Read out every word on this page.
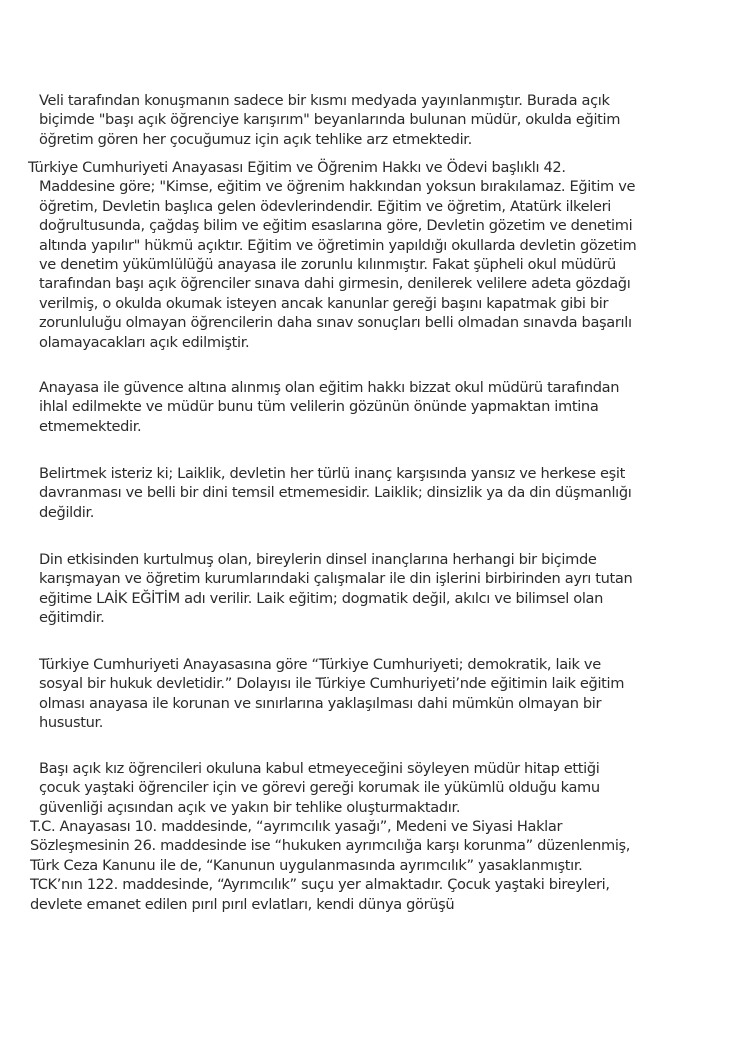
Veli tarafından konuşmanın sadece bir kısmı medyada yayınlanmıştır. Burada açık
biçimde "başı açık öğrenciye karışırım" beyanlarında bulunan müdür, okulda eğitim
öğretim gören her çocuğumuz için açık tehlike arz etmektedir.

Türkiye Cumhuriyeti Anayasası Eğitim ve Öğrenim Hakkı ve Ödevi başlıklı 42.
Maddesine göre; "Kimse, eğitim ve öğrenim hakkından yoksun bırakılamaz. Eğitim ve
öğretim, Devletin başlıca gelen ödevlerindendir. Eğitim ve öğretim, Atatürk ilkeleri
doğrultusunda, çağdaş bilim ve eğitim esaslarına göre, Devletin gözetim ve denetimi
altında yapılır" hükmü açıktır. Eğitim ve öğretimin yapıldığı okullarda devletin gözetim
ve denetim yükümlülüğü anayasa ile zorunlu kılınmıştır. Fakat şüpheli okul müdürü
tarafından başı açık öğrenciler sınava dahi girmesin, denilerek velilere adeta gözdağı
verilmiş, o okulda okumak isteyen ancak kanunlar gereği başını kapatmak gibi bir
zorunluluğu olmayan öğrencilerin daha sınav sonuçları belli olmadan sınavda başarılı
olamayacakları açık edilmiştir.

Anayasa ile güvence altına alınmış olan eğitim hakkı bizzat okul müdürü tarafından
ihlal edilmekte ve müdür bunu tüm velilerin gözünün önünde yapmaktan imtina
etmemektedir.

Belirtmek isteriz ki; Laiklik, devletin her türlü inanç karşısında yansız ve herkese eşit
davranması ve belli bir dini temsil etmemesidir. Laiklik; dinsizlik ya da din düşmanlığı
değildir.

Din etkisinden kurtulmuş olan, bireylerin dinsel inançlarına herhangi bir biçimde
karışmayan ve öğretim kurumlarındaki çalışmalar ile din işlerini birbirinden ayrı tutan
eğitime LAİK EĞİTİM adı verilir. Laik eğitim; dogmatik değil, akılcı ve bilimsel olan
eğitimdir.

Türkiye Cumhuriyeti Anayasasına göre “Türkiye Cumhuriyeti; demokratik, laik ve
sosyal bir hukuk devletidir.” Dolayısı ile Türkiye Cumhuriyeti’nde eğitimin laik eğitim
olması anayasa ile korunan ve sınırlarına yaklaşılması dahi mümkün olmayan bir
husustur.

Başı açık kız öğrencileri okuluna kabul etmeyeceğini söyleyen müdür hitap ettiği
çocuk yaştaki öğrenciler için ve görevi gereği korumak ile yükümlü olduğu kamu
güvenliği açısından açık ve yakın bir tehlike oluşturmaktadır.

T.C. Anayasası 10. maddesinde, “ayrımcılık yasağı”, Medeni ve Siyasi Haklar
Sözleşmesinin 26. maddesinde ise “hukuken ayrımcılığa karşı korunma” düzenlenmiş,
Türk Ceza Kanunu ile de, “Kanunun uygulanmasında ayrımcılık” yasaklanmıştır.
TCK’nın 122. maddesinde, “Ayrımcılık” suçu yer almaktadır. Çocuk yaştaki bireyleri,
devlete emanet edilen pırıl pırıl evlatları, kendi dünya görüşü
